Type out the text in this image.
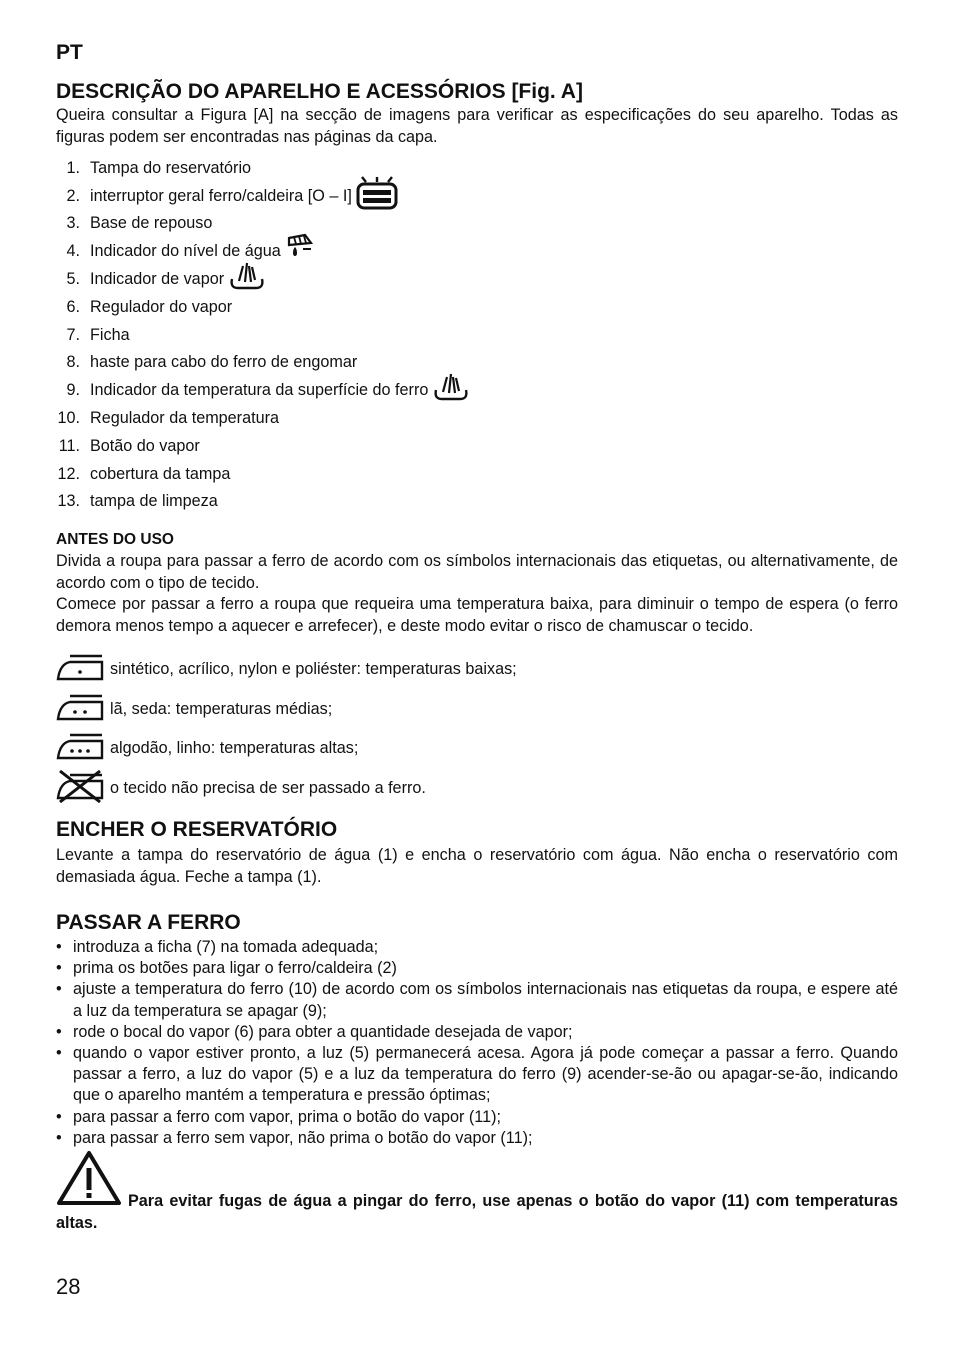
PT
DESCRIÇÃO DO APARELHO E ACESSÓRIOS [Fig. A]

Queira consultar a Figura [A] na secção de imagens para verificar as especificações do seu aparelho. Todas as figuras podem ser encontradas nas páginas da capa.

1. Tampa do reservatório
2. interruptor geral ferro/caldeira [O – I]
3. Base de repouso
4. Indicador do nível de água
5. Indicador de vapor
6. Regulador do vapor
7. Ficha
8. haste para cabo do ferro de engomar
9. Indicador da temperatura da superfície do ferro
10. Regulador da temperatura
11. Botão do vapor
12. cobertura da tampa
13. tampa de limpeza
ANTES DO USO

Divida a roupa para passar a ferro de acordo com os símbolos internacionais das etiquetas, ou alternativamente, de acordo com o tipo de tecido.

Comece por passar a ferro a roupa que requeira uma temperatura baixa, para diminuir o tempo de espera (o ferro demora menos tempo a aquecer e arrefecer), e deste modo evitar o risco de chamuscar o tecido.

sintético, acrílico, nylon e poliéster: temperaturas baixas;
lã, seda: temperaturas médias;
algodão, linho: temperaturas altas;
o tecido não precisa de ser passado a ferro.
ENCHER O RESERVATÓRIO

Levante a tampa do reservatório de água (1) e encha o reservatório com água. Não encha o reservatório com demasiada água. Feche a tampa (1).

PASSAR A FERRO
• introduza a ficha (7) na tomada adequada;
• prima os botões para ligar o ferro/caldeira (2)
• ajuste a temperatura do ferro (10) de acordo com os símbolos internacionais nas etiquetas da roupa, e espere até a luz da temperatura se apagar (9);
• rode o bocal do vapor (6) para obter a quantidade desejada de vapor;
• quando o vapor estiver pronto, a luz (5) permanecerá acesa. Agora já pode começar a passar a ferro. Quando passar a ferro, a luz do vapor (5) e a luz da temperatura do ferro (9) acender-se-ão ou apagar-se-ão, indicando que o aparelho mantém a temperatura e pressão óptimas;
• para passar a ferro com vapor, prima o botão do vapor (11);
• para passar a ferro sem vapor, não prima o botão do vapor (11);
Para evitar fugas de água a pingar do ferro, use apenas o botão do vapor (11) com temperaturas altas.
28
